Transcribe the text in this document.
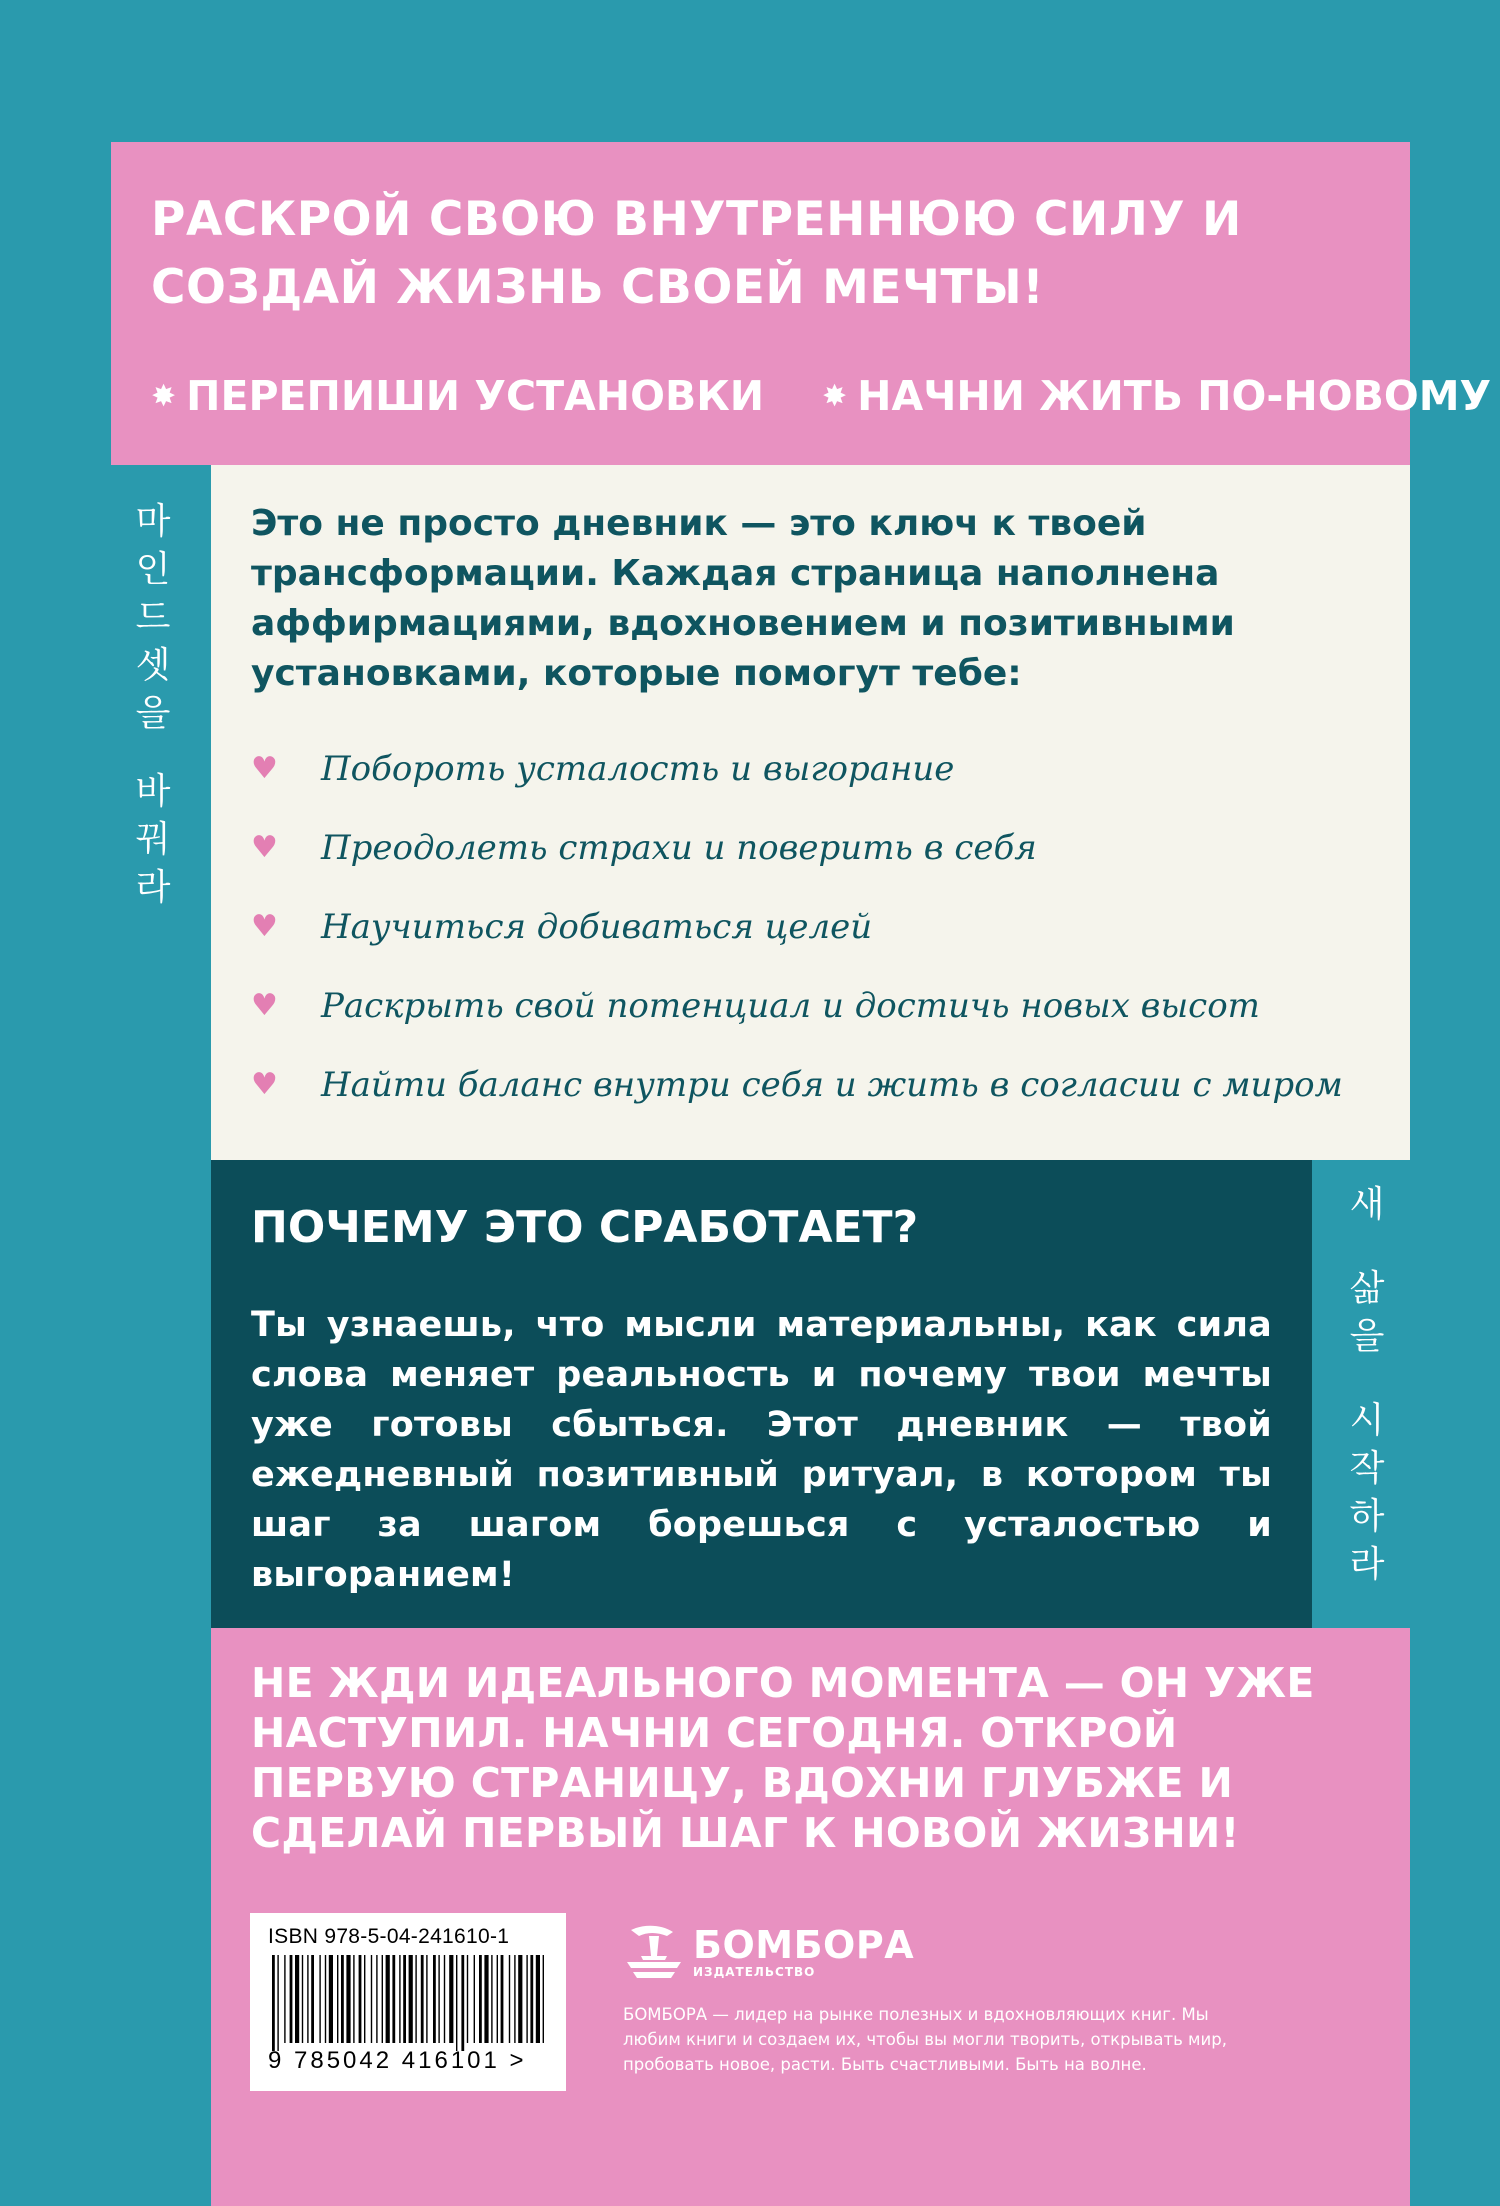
마
인
드
셋
을
바
꿔
라
새
삶
을
시
작
하
라
РАСКРОЙ СВОЮ ВНУТРЕННЮЮ СИЛУ И СОЗДАЙ ЖИЗНЬ СВОЕЙ МЕЧТЫ!
✸ ПЕРЕПИШИ УСТАНОВКИ ✸ НАЧНИ ЖИТЬ ПО-НОВОМУ

Это не просто дневник — это ключ к твоей трансформации. Каждая страница наполнена аффирмациями, вдохновением и позитивными установками, которые помогут тебе:

♥	Побороть усталость и выгорание
♥	Преодолеть страхи и поверить в себя
♥	Научиться добиваться целей
♥	Раскрыть свой потенциал и достичь новых высот
♥	Найти баланс внутри себя и жить в согласии с миром
ПОЧЕМУ ЭТО СРАБОТАЕТ?

Ты узнаешь, что мысли материальны, как сила слова меняет реальность и почему твои мечты уже готовы сбыться. Этот дневник — твой ежедневный позитивный ритуал, в котором ты шаг за шагом борешься с усталостью и выгоранием!

НЕ ЖДИ ИДЕАЛЬНОГО МОМЕНТА — ОН УЖЕ НАСТУПИЛ. НАЧНИ СЕГОДНЯ. ОТКРОЙ ПЕРВУЮ СТРАНИЦУ, ВДОХНИ ГЛУБЖЕ И СДЕЛАЙ ПЕРВЫЙ ШАГ К НОВОЙ ЖИЗНИ!
ISBN 978-5-04-241610-1
9 785042 416101 >
БОМБОРА
ИЗДАТЕЛЬСТВО
БОМБОРА — лидер на рынке полезных и вдохновляющих книг. Мы любим книги и создаем их, чтобы вы могли творить, открывать мир, пробовать новое, расти. Быть счастливыми. Быть на волне.
